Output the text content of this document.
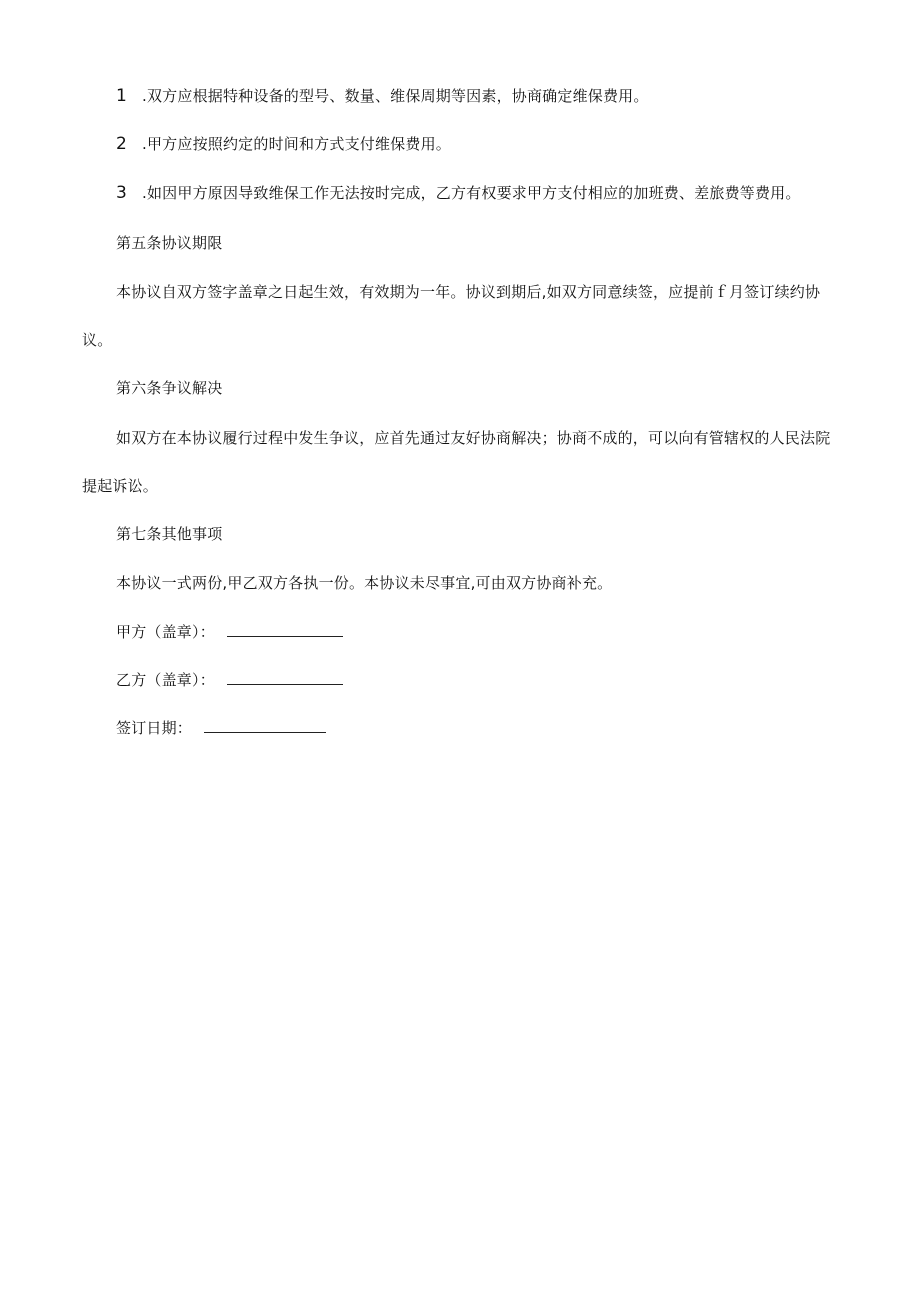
1 .双方应根据特种设备的型号、数量、维保周期等因素，协商确定维保费用。
2 .甲方应按照约定的时间和方式支付维保费用。
3 .如因甲方原因导致维保工作无法按时完成，乙方有权要求甲方支付相应的加班费、差旅费等费用。
第五条协议期限
本协议自双方签字盖章之日起生效，有效期为一年。协议到期后,如双方同意续签，应提前ｆ月签订续约协
议。
第六条争议解决
如双方在本协议履行过程中发生争议，应首先通过友好协商解决；协商不成的，可以向有管辖权的人民法院
提起诉讼。
第七条其他事项
本协议一式两份,甲乙双方各执一份。本协议未尽事宜,可由双方协商补充。
甲方（盖章）：
乙方（盖章）：
签订日期：
